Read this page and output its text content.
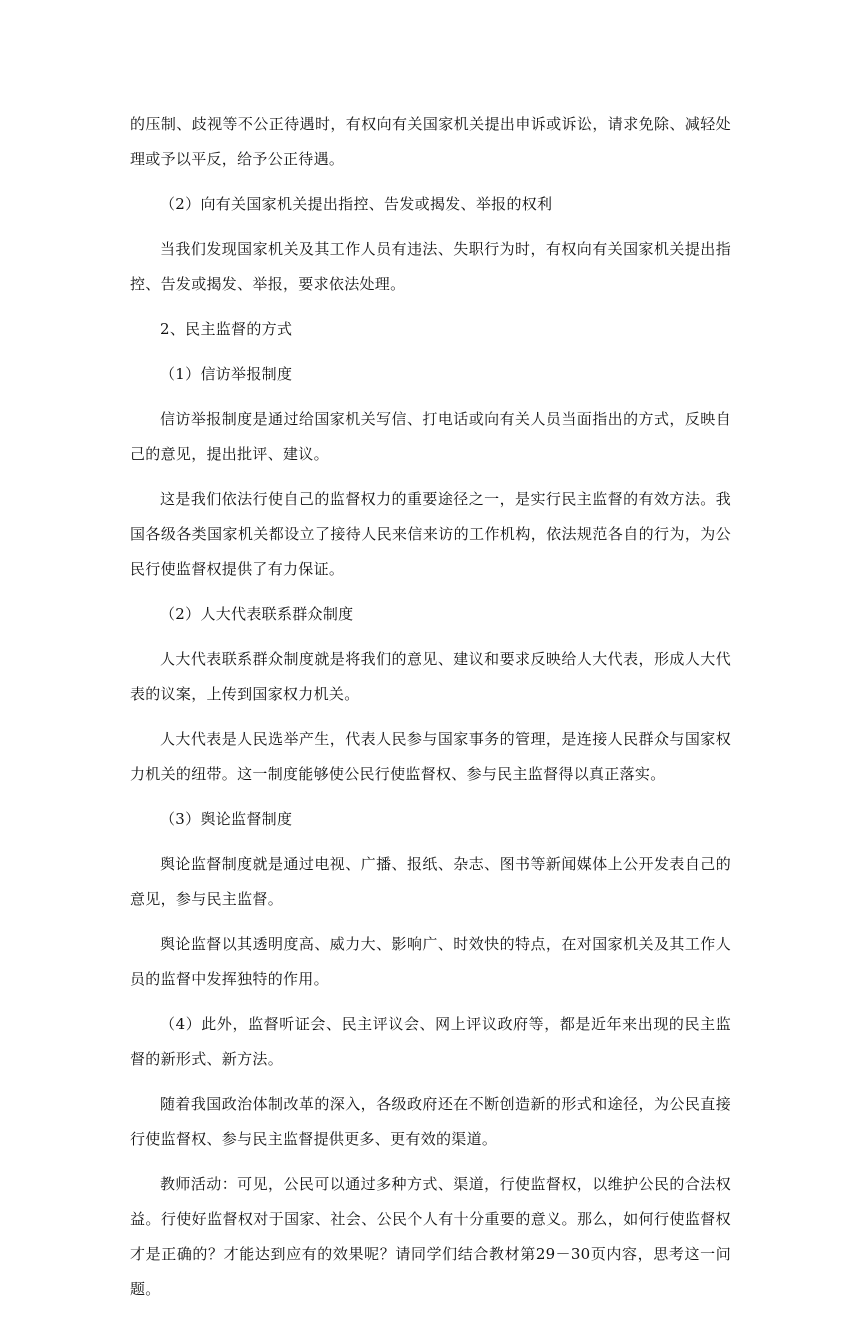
的压制、歧视等不公正待遇时，有权向有关国家机关提出申诉或诉讼，请求免除、减轻处理或予以平反，给予公正待遇。

（2）向有关国家机关提出指控、告发或揭发、举报的权利

当我们发现国家机关及其工作人员有违法、失职行为时，有权向有关国家机关提出指控、告发或揭发、举报，要求依法处理。

2、民主监督的方式

（1）信访举报制度

信访举报制度是通过给国家机关写信、打电话或向有关人员当面指出的方式，反映自己的意见，提出批评、建议。

这是我们依法行使自己的监督权力的重要途径之一，是实行民主监督的有效方法。我国各级各类国家机关都设立了接待人民来信来访的工作机构，依法规范各自的行为，为公民行使监督权提供了有力保证。

（2）人大代表联系群众制度

人大代表联系群众制度就是将我们的意见、建议和要求反映给人大代表，形成人大代表的议案，上传到国家权力机关。

人大代表是人民选举产生，代表人民参与国家事务的管理，是连接人民群众与国家权力机关的纽带。这一制度能够使公民行使监督权、参与民主监督得以真正落实。

（3）舆论监督制度

舆论监督制度就是通过电视、广播、报纸、杂志、图书等新闻媒体上公开发表自己的意见，参与民主监督。

舆论监督以其透明度高、威力大、影响广、时效快的特点，在对国家机关及其工作人员的监督中发挥独特的作用。

（4）此外，监督听证会、民主评议会、网上评议政府等，都是近年来出现的民主监督的新形式、新方法。

随着我国政治体制改革的深入，各级政府还在不断创造新的形式和途径，为公民直接行使监督权、参与民主监督提供更多、更有效的渠道。

教师活动：可见，公民可以通过多种方式、渠道，行使监督权，以维护公民的合法权益。行使好监督权对于国家、社会、公民个人有十分重要的意义。那么，如何行使监督权才是正确的？才能达到应有的效果呢？请同学们结合教材第29－30页内容，思考这一问题。
